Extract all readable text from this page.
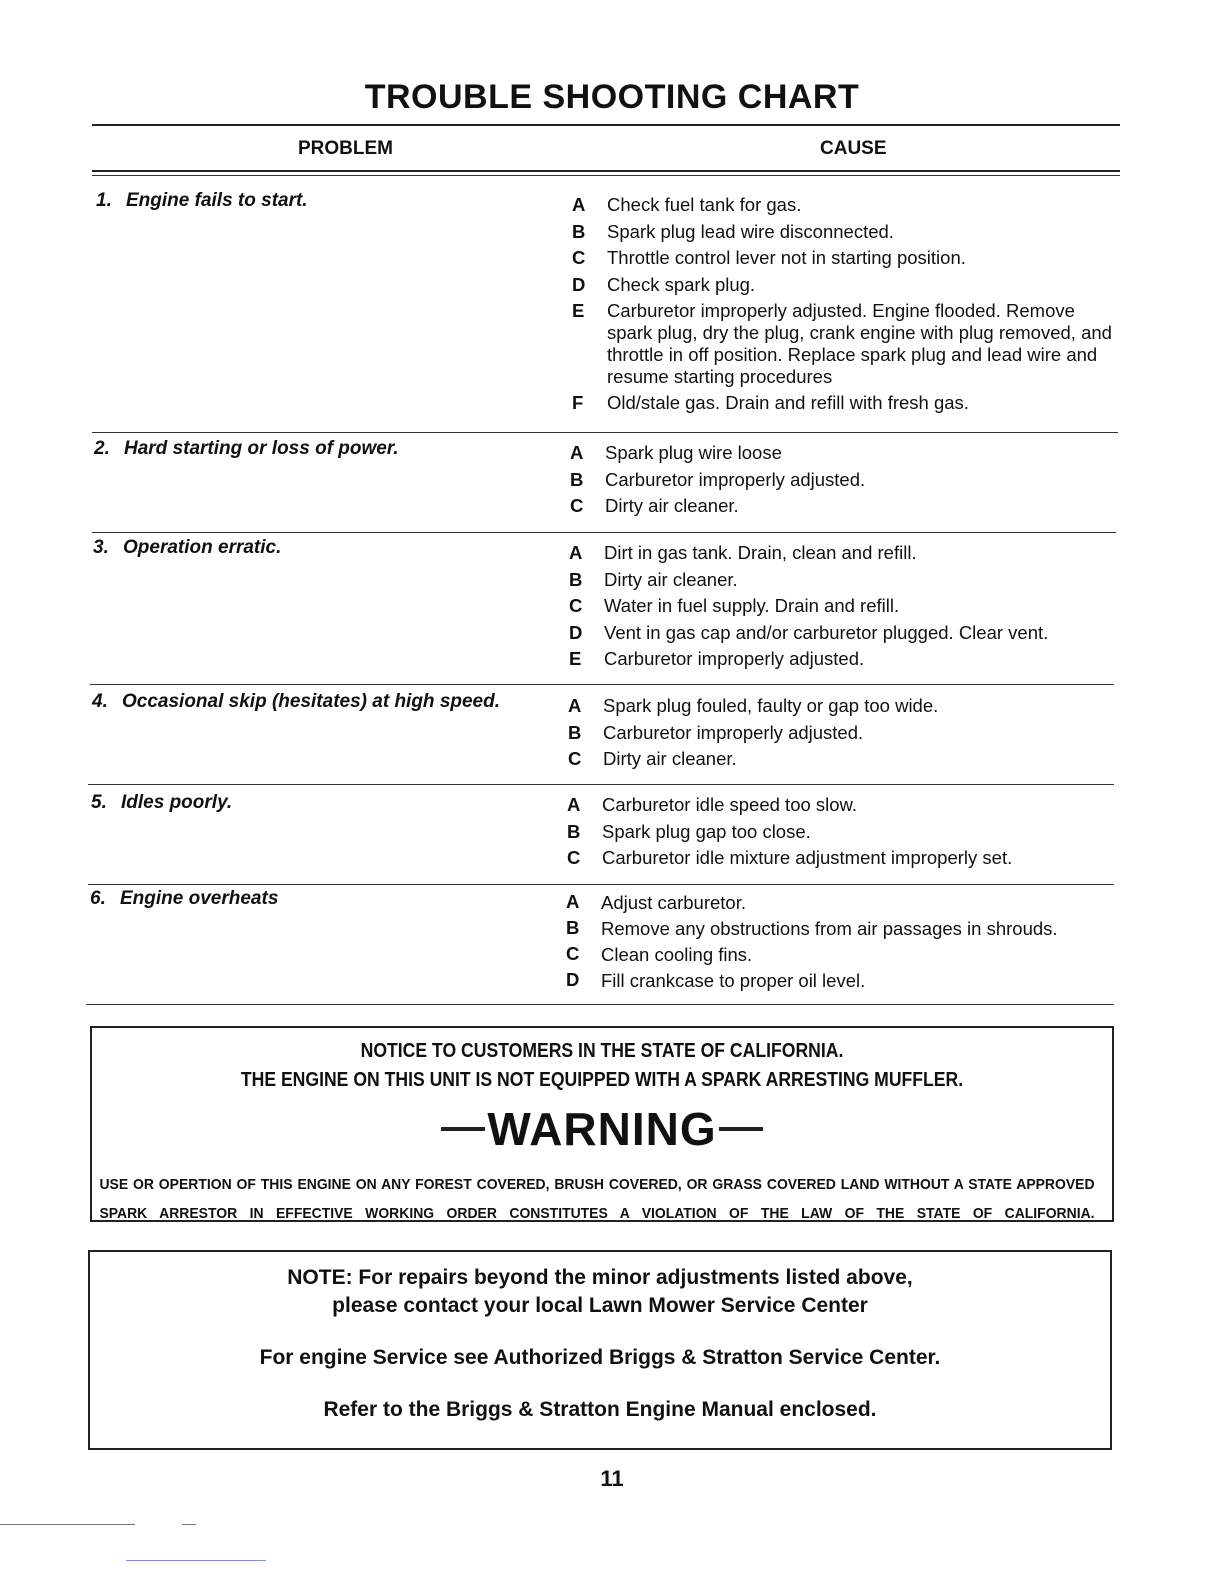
TROUBLE SHOOTING CHART
PROBLEM	CAUSE
1. Engine fails to start.	A	Check fuel tank for gas.
B	Spark plug lead wire disconnected.
C	Throttle control lever not in starting position.
D	Check spark plug.
E	Carburetor improperly adjusted. Engine flooded. Remove spark plug, dry the plug, crank engine with plug removed, and throttle in off position. Replace spark plug and lead wire and resume starting procedures
F	Old/stale gas. Drain and refill with fresh gas.
2. Hard starting or loss of power.	A	Spark plug wire loose
B	Carburetor improperly adjusted.
C	Dirty air cleaner.
3. Operation erratic.	A	Dirt in gas tank. Drain, clean and refill.
B	Dirty air cleaner.
C	Water in fuel supply. Drain and refill.
D	Vent in gas cap and/or carburetor plugged. Clear vent.
E	Carburetor improperly adjusted.
4. Occasional skip (hesitates) at high speed.	A	Spark plug fouled, faulty or gap too wide.
B	Carburetor improperly adjusted.
C	Dirty air cleaner.
5. Idles poorly.	A	Carburetor idle speed too slow.
B	Spark plug gap too close.
C	Carburetor idle mixture adjustment improperly set.
6. Engine overheats	A	Adjust carburetor.
B	Remove any obstructions from air passages in shrouds.
C	Clean cooling fins.
D	Fill crankcase to proper oil level.
NOTICE TO CUSTOMERS IN THE STATE OF CALIFORNIA.
THE ENGINE ON THIS UNIT IS NOT EQUIPPED WITH A SPARK ARRESTING MUFFLER.
WARNING
USE OR OPERTION OF THIS ENGINE ON ANY FOREST COVERED, BRUSH COVERED, OR GRASS COVERED LAND WITHOUT A STATE APPROVED SPARK ARRESTOR IN EFFECTIVE WORKING ORDER CONSTITUTES A VIOLATION OF THE LAW OF THE STATE OF CALIFORNIA.
NOTE: For repairs beyond the minor adjustments listed above,
please contact your local Lawn Mower Service Center
For engine Service see Authorized Briggs & Stratton Service Center.
Refer to the Briggs & Stratton Engine Manual enclosed.
11
